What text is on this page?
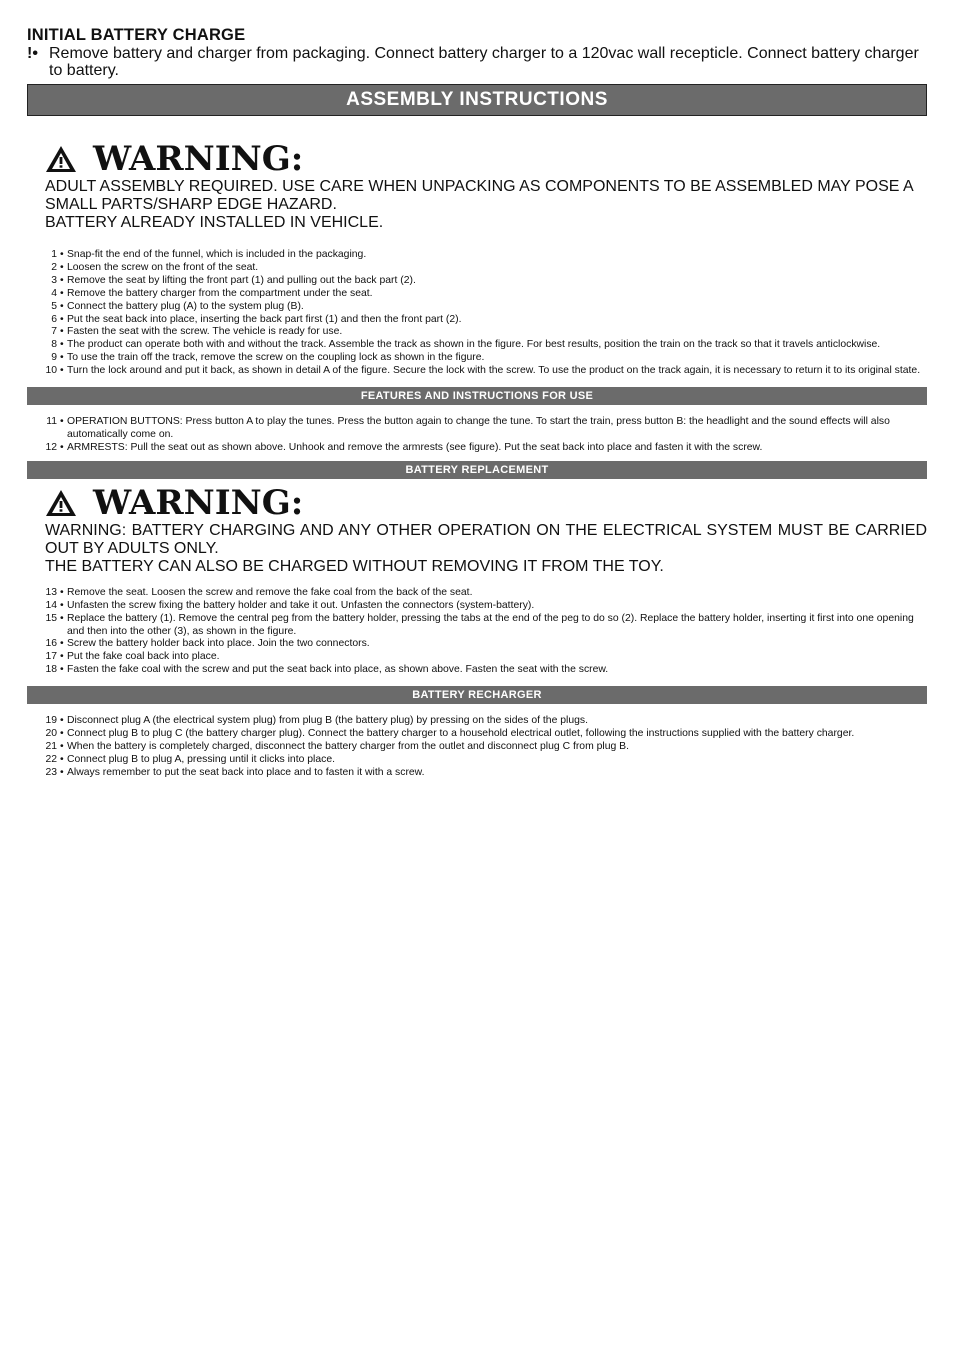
INITIAL BATTERY CHARGE
!• Remove battery and charger from packaging. Connect battery charger to a 120vac wall recepticle. Connect battery charger to battery.
ASSEMBLY INSTRUCTIONS
WARNING:
ADULT ASSEMBLY REQUIRED. USE CARE WHEN UNPACKING AS COMPONENTS TO BE ASSEMBLED MAY POSE A SMALL PARTS/SHARP EDGE HAZARD.
BATTERY ALREADY INSTALLED IN VEHICLE.
1 • Snap-fit the end of the funnel, which is included in the packaging.
2 • Loosen the screw on the front of the seat.
3 • Remove the seat by lifting the front part (1) and pulling out the back part (2).
4 • Remove the battery charger from the compartment under the seat.
5 • Connect the battery plug (A) to the system plug (B).
6 • Put the seat back into place, inserting the back part first (1) and then the front part (2).
7 • Fasten the seat with the screw. The vehicle is ready for use.
8 • The product can operate both with and without the track. Assemble the track as shown in the figure. For best results, position the train on the track so that it travels anticlockwise.
9 • To use the train off the track, remove the screw on the coupling lock as shown in the figure.
10 • Turn the lock around and put it back, as shown in detail A of the figure. Secure the lock with the screw. To use the product on the track again, it is necessary to return it to its original state.
FEATURES AND INSTRUCTIONS FOR USE
11 • OPERATION BUTTONS: Press button A to play the tunes. Press the button again to change the tune. To start the train, press button B: the headlight and the sound effects will also automatically come on.
12 • ARMRESTS: Pull the seat out as shown above. Unhook and remove the armrests (see figure). Put the seat back into place and fasten it with the screw.
BATTERY REPLACEMENT
WARNING:
WARNING: BATTERY CHARGING AND ANY OTHER OPERATION ON THE ELECTRICAL SYSTEM MUST BE CARRIED OUT BY ADULTS ONLY.
THE BATTERY CAN ALSO BE CHARGED WITHOUT REMOVING IT FROM THE TOY.
13 • Remove the seat. Loosen the screw and remove the fake coal from the back of the seat.
14 • Unfasten the screw fixing the battery holder and take it out. Unfasten the connectors (system-battery).
15 • Replace the battery (1). Remove the central peg from the battery holder, pressing the tabs at the end of the peg to do so (2). Replace the battery holder, inserting it first into one opening and then into the other (3), as shown in the figure.
16 • Screw the battery holder back into place. Join the two connectors.
17 • Put the fake coal back into place.
18 • Fasten the fake coal with the screw and put the seat back into place, as shown above. Fasten the seat with the screw.
BATTERY RECHARGER
19 • Disconnect plug A (the electrical system plug) from plug B (the battery plug) by pressing on the sides of the plugs.
20 • Connect plug B to plug C (the battery charger plug). Connect the battery charger to a household electrical outlet, following the instructions supplied with the battery charger.
21 • When the battery is completely charged, disconnect the battery charger from the outlet and disconnect plug C from plug B.
22 • Connect plug B to plug A, pressing until it clicks into place.
23 • Always remember to put the seat back into place and to fasten it with a screw.
